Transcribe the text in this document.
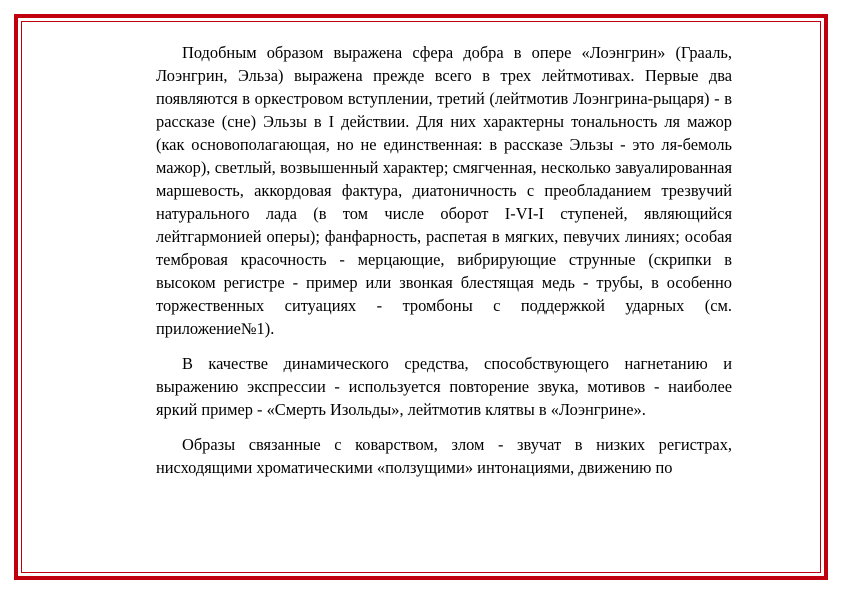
Подобным образом выражена сфера добра в опере «Лоэнгрин» (Грааль, Лоэнгрин, Эльза) выражена прежде всего в трех лейтмотивах. Первые два появляются в оркестровом вступлении, третий (лейтмотив Лоэнгрина-рыцаря) - в рассказе (сне) Эльзы в I действии. Для них характерны тональность ля мажор (как основополагающая, но не единственная: в рассказе Эльзы - это ля-бемоль мажор), светлый, возвышенный характер; смягченная, несколько завуалированная маршевость, аккордовая фактура, диатоничность с преобладанием трезвучий натурального лада (в том числе оборот I-VI-I ступеней, являющийся лейтгармонией оперы); фанфарность, распетая в мягких, певучих линиях; особая тембровая красочность - мерцающие, вибрирующие струнные (скрипки в высоком регистре - пример или звонкая блестящая медь - трубы, в особенно торжественных ситуациях - тромбоны с поддержкой ударных (см. приложение№1).

В качестве динамического средства, способствующего нагнетанию и выражению экспрессии - используется повторение звука, мотивов - наиболее яркий пример - «Смерть Изольды», лейтмотив клятвы в «Лоэнгрине».

Образы связанные с коварством, злом - звучат в низких регистрах, нисходящими хроматическими «ползущими» интонациями, движению по
